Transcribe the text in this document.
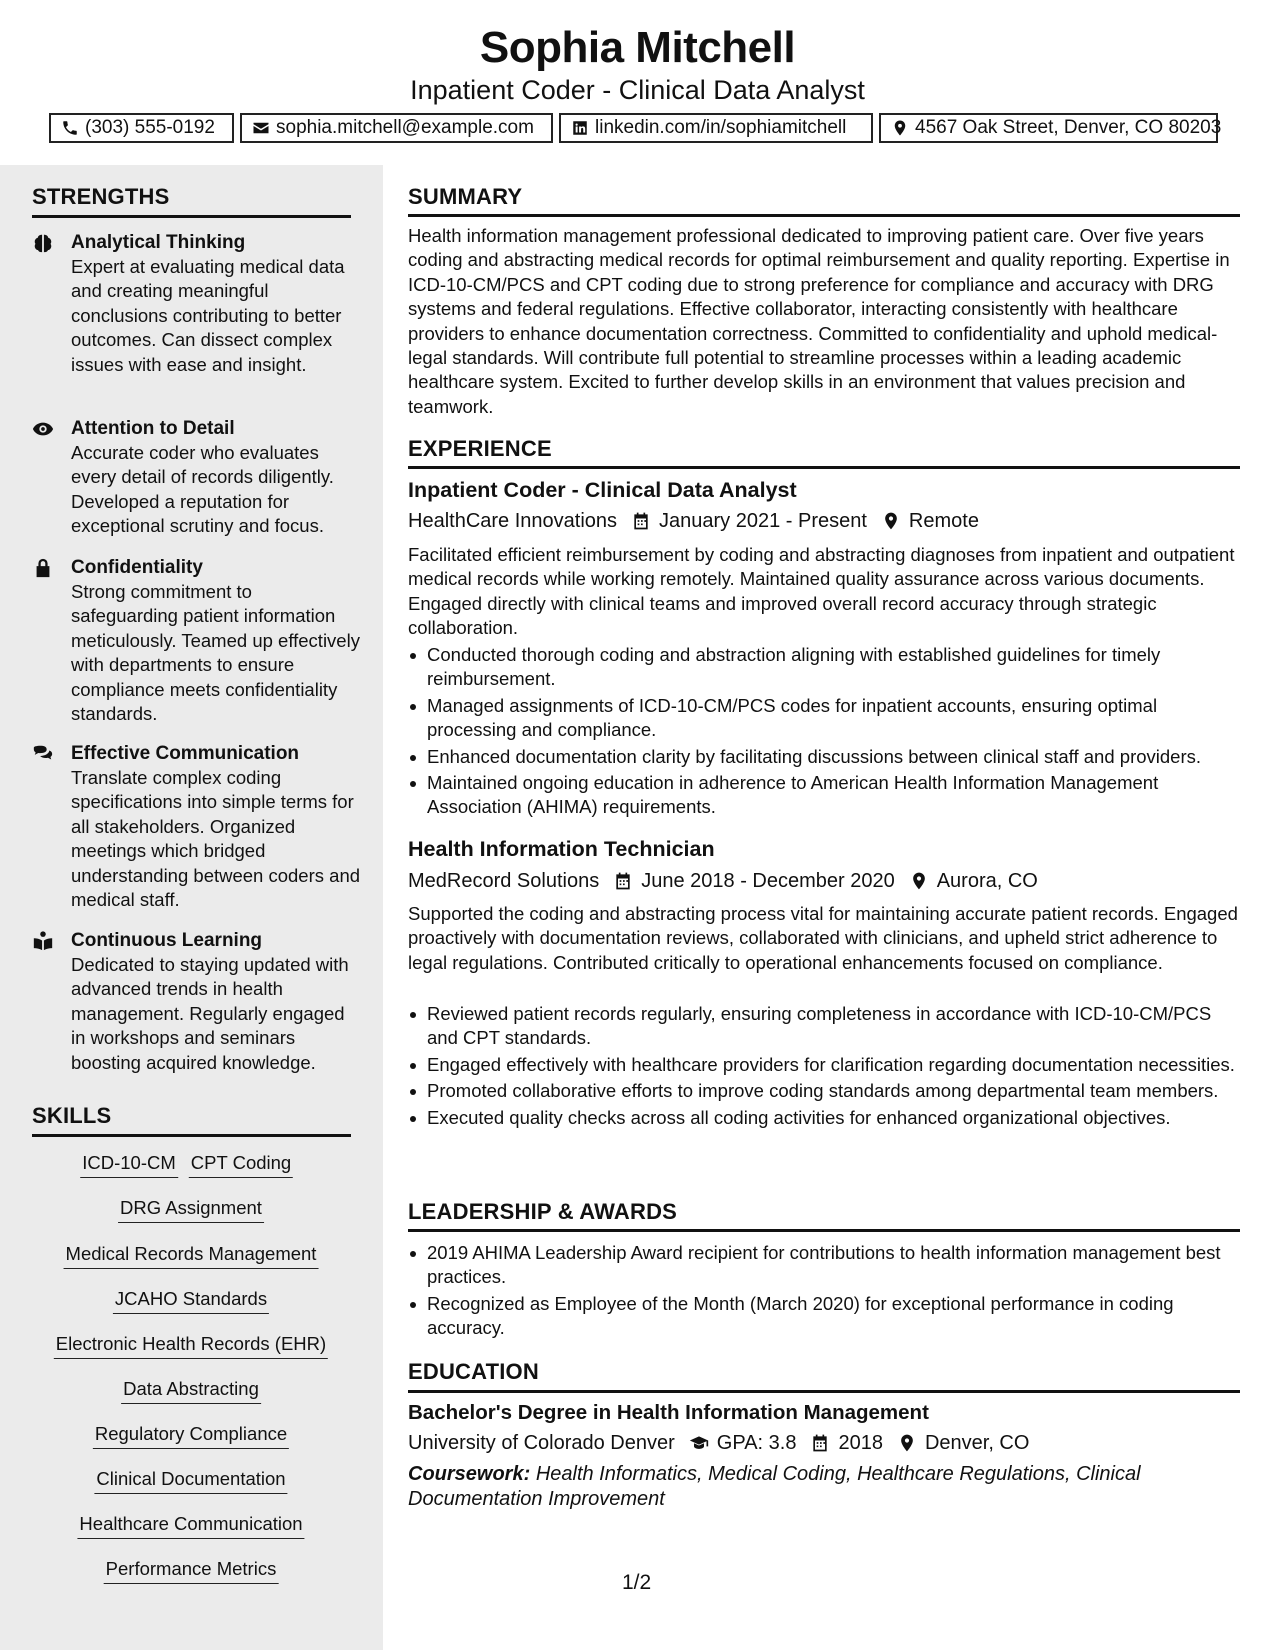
Sophia Mitchell
Inpatient Coder - Clinical Data Analyst
(303) 555-0192	sophia.mitchell@example.com	linkedin.com/in/sophiamitchell	4567 Oak Street, Denver, CO 80203
STRENGTHS
Analytical Thinking
Expert at evaluating medical data and creating meaningful conclusions contributing to better outcomes. Can dissect complex issues with ease and insight.
Attention to Detail
Accurate coder who evaluates every detail of records diligently. Developed a reputation for exceptional scrutiny and focus.
Confidentiality
Strong commitment to safeguarding patient information meticulously. Teamed up effectively with departments to ensure compliance meets confidentiality standards.
Effective Communication
Translate complex coding specifications into simple terms for all stakeholders. Organized meetings which bridged understanding between coders and medical staff.
Continuous Learning
Dedicated to staying updated with advanced trends in health management. Regularly engaged in workshops and seminars boosting acquired knowledge.
SKILLS
ICD-10-CM CPT Coding
DRG Assignment
Medical Records Management
JCAHO Standards
Electronic Health Records (EHR)
Data Abstracting
Regulatory Compliance
Clinical Documentation
Healthcare Communication
Performance Metrics
SUMMARY
Health information management professional dedicated to improving patient care. Over five years coding and abstracting medical records for optimal reimbursement and quality reporting. Expertise in ICD-10-CM/PCS and CPT coding due to strong preference for compliance and accuracy with DRG systems and federal regulations. Effective collaborator, interacting consistently with healthcare providers to enhance documentation correctness. Committed to confidentiality and uphold medical-legal standards. Will contribute full potential to streamline processes within a leading academic healthcare system. Excited to further develop skills in an environment that values precision and teamwork.
EXPERIENCE
Inpatient Coder - Clinical Data Analyst
HealthCare Innovations January 2021 - Present Remote
Facilitated efficient reimbursement by coding and abstracting diagnoses from inpatient and outpatient medical records while working remotely. Maintained quality assurance across various documents. Engaged directly with clinical teams and improved overall record accuracy through strategic collaboration.
Conducted thorough coding and abstraction aligning with established guidelines for timely reimbursement.
Managed assignments of ICD-10-CM/PCS codes for inpatient accounts, ensuring optimal processing and compliance.
Enhanced documentation clarity by facilitating discussions between clinical staff and providers.
Maintained ongoing education in adherence to American Health Information Management Association (AHIMA) requirements.
Health Information Technician
MedRecord Solutions June 2018 - December 2020 Aurora, CO
Supported the coding and abstracting process vital for maintaining accurate patient records. Engaged proactively with documentation reviews, collaborated with clinicians, and upheld strict adherence to legal regulations. Contributed critically to operational enhancements focused on compliance.
Reviewed patient records regularly, ensuring completeness in accordance with ICD-10-CM/PCS and CPT standards.
Engaged effectively with healthcare providers for clarification regarding documentation necessities.
Promoted collaborative efforts to improve coding standards among departmental team members.
Executed quality checks across all coding activities for enhanced organizational objectives.
LEADERSHIP & AWARDS
2019 AHIMA Leadership Award recipient for contributions to health information management best practices.
Recognized as Employee of the Month (March 2020) for exceptional performance in coding accuracy.
EDUCATION
Bachelor's Degree in Health Information Management
University of Colorado Denver GPA: 3.8 2018 Denver, CO
Coursework: Health Informatics, Medical Coding, Healthcare Regulations, Clinical Documentation Improvement
1/2
